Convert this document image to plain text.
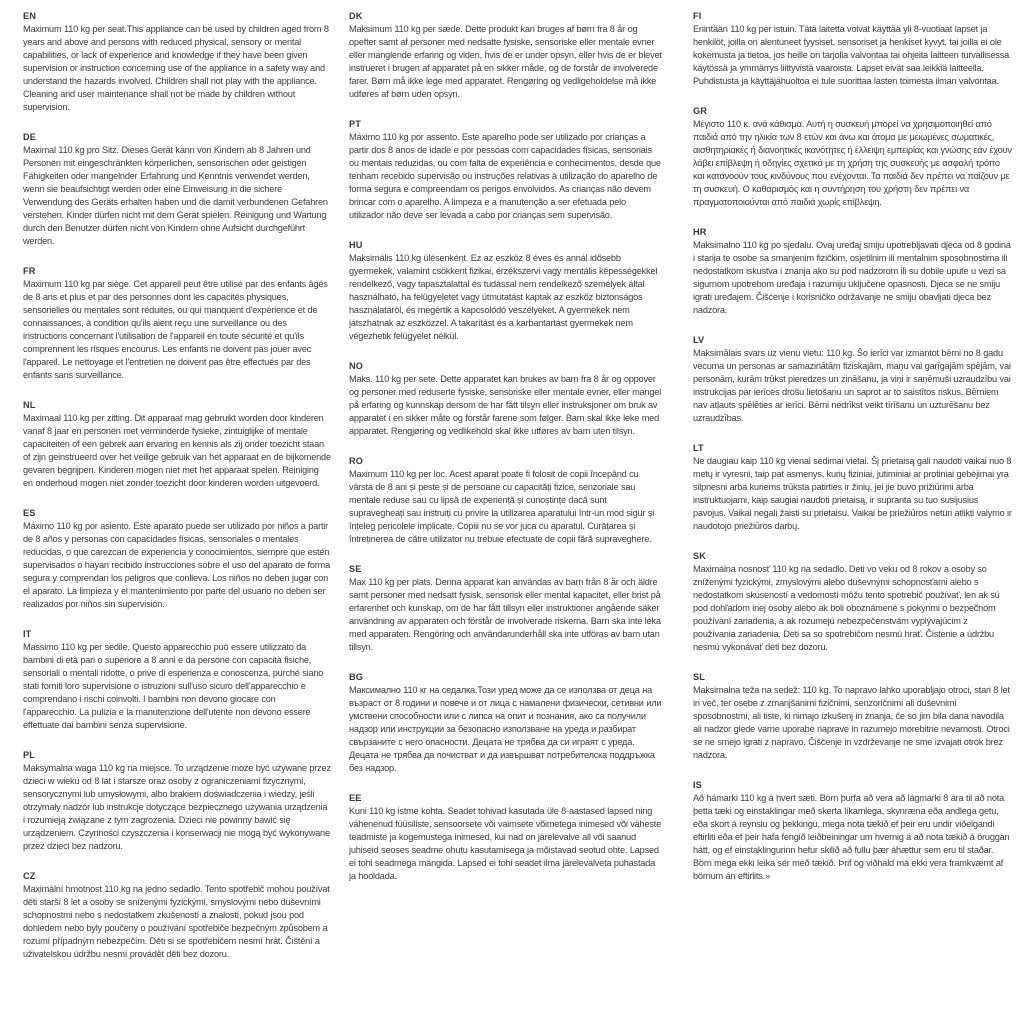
EN

Maximum 110 kg per seat.This appliance can be used by children aged from 8 years and above and persons with reduced physical, sensory or mental capabilities, or lack of experience and knowledge if they have been given supervision or instruction concerning use of the appliance in a safety way and understand the hazards involved. Children shall not play with the appliance. Cleaning and user maintenance shall not be made by children without supervision.

DE

Maximal 110 kg pro Sitz. Dieses Gerät kann von Kindern ab 8 Jahren und Personen mit eingeschränkten körperlichen, sensorischen oder geistigen Fähigkeiten oder mangelnder Erfahrung und Kenntnis verwendet werden, wenn sie beaufsichtigt werden oder eine Einweisung in die sichere Verwendung des Geräts erhalten haben und die damit verbundenen Gefahren verstehen. Kinder dürfen nicht mit dem Gerät spielen. Reinigung und Wartung durch den Benutzer dürfen nicht von Kindern ohne Aufsicht durchgeführt werden.

FR

Maximum 110 kg par siège. Cet appareil peut être utilisé par des enfants âgés de 8 ans et plus et par des personnes dont les capacités physiques, sensorielles ou mentales sont réduites, ou qui manquent d'expérience et de connaissances, à condition qu'ils aient reçu une surveillance ou des instructions concernant l'utilisation de l'appareil en toute sécurité et qu'ils comprennent les risques encourus. Les enfants ne doivent pas jouer avec l'appareil. Le nettoyage et l'entretien ne doivent pas être effectués par des enfants sans surveillance.

NL

Maximaal 110 kg per zitting. Dit apparaat mag gebruikt worden door kinderen vanaf 8 jaar en personen met verminderde fysieke, zintuiglijke of mentale capaciteiten of een gebrek aan ervaring en kennis als zij onder toezicht staan of zijn geinstrueerd over het veilige gebruik van het apparaat en de bijkomende gevaren begrijpen. Kinderen mogen niet met het apparaat spelen. Reiniging en onderhoud mogen niet zonder toezicht door kinderen worden uitgevoerd.

ES

Máximo 110 kg por asiento. Este aparato puede ser utilizado por niños a partir de 8 años y personas con capacidades físicas, sensoriales o mentales reducidas, o que carezcan de experiencia y conocimientos, siempre que estén supervisados o hayan recibido instrucciones sobre el uso del aparato de forma segura y comprendan los peligros que conlleva. Los niños no deben jugar con el aparato. La limpieza y el mantenimiento por parte del usuario no deben ser realizados por niños sin supervisión.

IT

Massimo 110 kg per sedile. Questo apparecchio può essere utilizzato da bambini di età pari o superiore a 8 anni e da persone con capacità fisiche, sensoriali o mentali ridotte, o prive di esperienza e conoscenza, purché siano stati forniti loro supervisione o istruzioni sull'uso sicuro dell'apparecchio e comprendano i rischi coinvolti. I bambini non devono giocare con l'apparecchio. La pulizia e la manutenzione dell'utente non devono essere effettuate dai bambini senza supervisione.

PL

Maksymalna waga 110 kg na miejsce. To urządzenie może być używane przez dzieci w wieku od 8 lat i starsze oraz osoby z ograniczeniami fizycznymi, sensorycznymi lub umysłowymi, albo brakiem doświadczenia i wiedzy, jeśli otrzymały nadzór lub instrukcje dotyczące bezpiecznego używania urządzenia i rozumieją związane z tym zagrożenia. Dzieci nie powinny bawić się urządzeniem. Czynności czyszczenia i konserwacji nie mogą być wykonywane przez dzieci bez nadzoru.

CZ

Maximální hmotnost 110 kg na jedno sedadlo. Tento spotřebič mohou používat děti starší 8 let a osoby se sníženými fyzickými, smyslovými nebo duševními schopnostmi nebo s nedostatkem zkušeností a znalostí, pokud jsou pod dohledem nebo byly poučeny o používání spotřebiče bezpečným způsobem a rozumí případným nebezpečím. Děti si se spotřebičem nesmí hrát. Čištění a uživatelskou údržbu nesmí provádět děti bez dozoru.

DK

Maksimum 110 kg per sæde. Dette produkt kan bruges af børn fra 8 år og opefter samt af personer med nedsatte fysiske, sensoriske eller mentale evner eller manglende erfaring og viden, hvis de er under opsyn, eller hvis de er blevet instrueret i brugen af apparatet på en sikker måde, og de forstår de involverede farer. Børn må ikke lege med apparatet. Rengøring og vedligeholdelse må ikke udføres af børn uden opsyn.

PT

Máximo 110 kg por assento. Este aparelho pode ser utilizado por crianças a partir dos 8 anos de idade e por pessoas com capacidades físicas, sensoriais ou mentais reduzidas, ou com falta de experiência e conhecimentos, desde que tenham recebido supervisão ou instruções relativas à utilização do aparelho de forma segura e compreendam os perigos envolvidos. As crianças não devem brincar com o aparelho. A limpeza e a manutenção a ser efetuada pelo utilizador não deve ser levada a cabo por crianças sem supervisão.

HU

Maksimális 110 kg ülésenként. Ez az eszköz 8 éves és annál idősebb gyermekek, valamint csökkent fizikai, érzékszervi vagy mentális képességekkel rendelkező, vagy tapasztalattal és tudással nem rendelkező személyek által használható, ha felügyeletet vagy útmutatást kaptak az eszköz biztonságos használatáról, és megértik a kapcsolódó veszélyeket. A gyermekek nem játszhatnak az eszközzel. A takarítást és a karbantartást gyermekek nem végezhetik felügyelet nélkül.

NO

Maks. 110 kg per sete. Dette apparatet kan brukes av barn fra 8 år og oppover og personer med reduserte fysiske, sensoriske eller mentale evner, eller mangel på erfaring og kunnskap dersom de har fått tilsyn eller instruksjoner om bruk av apparatet i en sikker måte og forstår farene som følger. Barn skal ikke leke med apparatet. Rengjøring og vedlikehold skal ikke utføres av barn uten tilsyn.

RO

Maximum 110 kg per loc. Acest aparat poate fi folosit de copii începând cu vârsta de 8 ani și peste și de persoane cu capacități fizice, senzoriale sau mentale reduse sau cu lipsă de experiență și cunoștințe dacă sunt supravegheați sau instruiți cu privire la utilizarea aparatului într-un mod sigur și înțeleg pericolele implicate. Copiii nu se vor juca cu aparatul. Curățarea și întreținerea de către utilizator nu trebuie efectuate de copii fără supraveghere.

SE

Max 110 kg per plats. Denna apparat kan användas av barn från 8 år och äldre samt personer med nedsatt fysisk, sensorisk eller mental kapacitet, eller brist på erfarenhet och kunskap, om de har fått tillsyn eller instruktioner angående säker användning av apparaten och förstår de involverade riskerna. Barn ska inte leka med apparaten. Rengöring och användarunderhåll ska inte utföras av barn utan tillsyn.

BG

Максимално 110 кг на седалка.Този уред може да се използва от деца на възраст от 8 години и повече и от лица с намалени физически, сетивни или умствени способности или с липса на опит и познания, ако са получили надзор или инструкции за безопасно използване на уреда и разбират свързаните с него опасности. Децата не трябва да си играят с уреда. Децата не трябва да почистват и да извършват потребителска поддръжка без надзор.

EE

Kuni 110 kg istme kohta. Seadet tohivad kasutada üle 8-aastased lapsed ning vähenenud füüsiliste, sensoorsete või vaimsete võimetega inimesed või väheste teadmiste ja kogemustega inimesed, kui nad on järelevalve all või saanud juhiseid seoses seadme ohutu kasutamisega ja mõistavad seotud ohte. Lapsed ei tohi seadmega mängida. Lapsed ei tohi seadet ilma järelevalveta puhastada ja hooldada.

FI

Enintään 110 kg per istuin. Tätä laitetta voivat käyttää yli 8-vuotiaat lapset ja henkilöt, joilla on alentuneet fyysiset, sensoriset ja henkiset kyvyt, tai joilla ei ole kokemusta ja tietoa, jos heille on tarjolla valvontaa tai ohjeita laitteen turvallisessa käytössä ja ymmärrys liittyvistä vaaroista. Lapset eivät saa leikkiä laitteella. Puhdistusta ja käyttäjähuoltoa ei tule suorittaa lasten toimesta ilman valvontaa.

GR

Μέγιστο 110 κ. ανά κάθισμα. Αυτή η συσκευή μπορεί να χρησιμοποιηθεί από παιδιά από την ηλικία των 8 ετών και άνω και άτομα με μειωμένες σωματικές, αισθητηριακές ή διανοητικές ικανότητες ή έλλειψη εμπειρίας και γνώσης εάν έχουν λάβει επίβλεψη ή οδηγίες σχετικά με τη χρήση της συσκευής με ασφαλή τρόπο και κατανοούν τους κινδύνους που ενέχονται. Τα παιδιά δεν πρέπει να παίζουν με τη συσκευή. Ο καθαρισμός και η συντήρηση του χρήστη δεν πρέπει να πραγματοποιούνται από παιδιά χωρίς επίβλεψη.

HR

Maksimalno 110 kg po sjedalu. Ovaj uređaj smiju upotrebljavati djeca od 8 godina i starija te osobe sa smanjenim fizičkim, osjetilnim ili mentalnim sposobnostima ili nedostatkom iskustva i znanja ako su pod nadzorom ili su dobile upute u vezi sa sigurnom upotrebom uređaja i razumiju uključene opasnosti. Djeca se ne smiju igrati uređajem. Čišćenje i korisničko održavanje ne smiju obavljati djeca bez nadzora.

LV

Maksimālais svars uz vienu vietu: 110 kg. Šo ierīci var izmantot bērni no 8 gadu vecuma un personas ar samazinātām fiziskajām, maņu vai garīgajām spējām, vai personām, kurām trūkst pieredzes un zināšanu, ja viņi ir saņēmuši uzraudzību vai instrukcijas par ierīces drošu lietošanu un saprot ar to saistītos riskus. Bērniem nav atļauts spēlēties ar ierīci. Bērni nedrīkst veikt tīrīšanu un uzturēšanu bez uzraudzības.

LT

Ne daugiau kaip 110 kg vienai sėdimai vietai. Šį prietaisą gali naudoti vaikai nuo 8 metų ir vyresni, taip pat asmenys, kurių fiziniai, jutiminiai ar protiniai gebėjimai yra silpnesni arba kuriems trūksta patirties ir žinių, jei jie buvo prižiūrimi arba instruktuojami, kaip saugiai naudoti prietaisą, ir supranta su tuo susijusius pavojus. Vaikai negali žaisti su prietaisu. Vaikai be priežiūros neturi atlikti valymo ir naudotojo priežiūros darbų.

SK

Maximálna nosnosť 110 kg na sedadlo. Deti vo veku od 8 rokov a osoby so zníženými fyzickými, zmyslovými alebo duševnými schopnosťami alebo s nedostatkom skúseností a vedomostí môžu tento spotrebič používať, len ak sú pod dohľadom inej osoby alebo ak boli oboznámené s pokynmi o bezpečnom používaní zariadenia, a ak rozumejú nebezpečenstvám vyplývajúcim z používania zariadenia. Deti sa so spotrebičom nesmú hrať. Čistenie a údržbu nesmú vykonávať deti bez dozoru.

SL

Maksimalna teža na sedež: 110 kg. To napravo lahko uporabljajo otroci, stari 8 let in več, ter osebe z zmanjšanimi fizičnimi, senzoričnimi ali duševnimi sposobnostmi, ali tiste, ki nimajo izkušenj in znanja, če so jim bila dana navodila ali nadzor glede varne uporabe naprave in razumejo morebitne nevarnosti. Otroci se ne smejo igrati z napravo. Čiščenje in vzdrževanje ne sme izvajati otrok brez nadzora.

IS

Að hámarki 110 kg á hvert sæti. Börn þurfa að vera að lágmarki 8 ára til að nota þetta tæki og einstaklingar með skerta líkamlega, skynræna eða andlega getu, eða skort á reynslu og þekkingu, mega nota tækið ef þeir eru undir viðeigandi eftirliti eða ef þeir hafa fengið leiðbeiningar um hvernig á að nota tækið á öruggan hátt, og ef einstaklingurinn hefur skilið að fullu þær áhættur sem eru til staðar. Börn mega ekki leika sér með tækið. Þrif og viðhald má ekki vera framkvæmt af börnum án eftirlits.»
